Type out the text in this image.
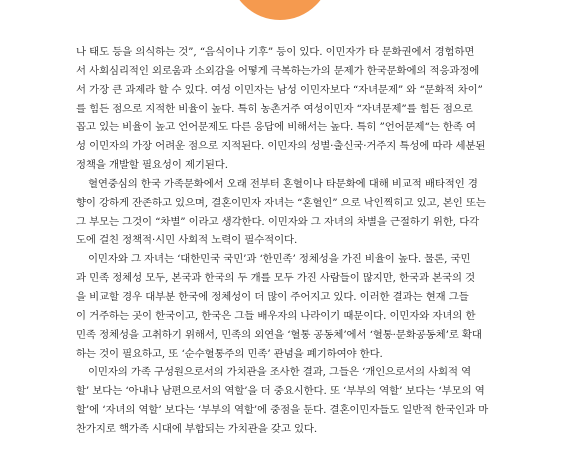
나 태도 등을 의식하는 것”, “음식이나 기후” 등이 있다. 이민자가 타 문화권에서 경험하면
서 사회심리적인 외로움과 소외감을 어떻게 극복하는가의 문제가 한국문화에의 적응과정에
서 가장 큰 과제라 할 수 있다. 여성 이민자는 남성 이민자보다 “자녀문제” 와 “문화적 차이”
를 힘든 점으로 지적한 비율이 높다. 특히 농촌거주 여성이민자 “자녀문제”를 힘든 점으로
꼽고 있는 비율이 높고 언어문제도 다른 응답에 비해서는 높다. 특히 ”언어문제“는 한족 여
성 이민자의 가장 어려운 점으로 지적된다. 이민자의 성별·출신국·거주지 특성에 따라 세분된
정책을 개발할 필요성이 제기된다.

혈연중심의 한국 가족문화에서 오래 전부터 혼혈이나 타문화에 대해 비교적 배타적인 경
향이 강하게 잔존하고 있으며, 결혼이민자 자녀는 “혼혈인” 으로 낙인찍히고 있고, 본인 또는
그 부모는 그것이 “차별” 이라고 생각한다. 이민자와 그 자녀의 차별을 근절하기 위한, 다각
도에 걸친 정책적·시민 사회적 노력이 필수적이다.

이민자와 그 자녀는 ‘대한민국 국민’과 ‘한민족’ 정체성을 가진 비율이 높다. 물론, 국민
과 민족 정체성 모두, 본국과 한국의 두 개를 모두 가진 사람들이 많지만, 한국과 본국의 것
을 비교할 경우 대부분 한국에 정체성이 더 많이 주어지고 있다. 이러한 결과는 현재 그들
이 거주하는 곳이 한국이고, 한국은 그들 배우자의 나라이기 때문이다. 이민자와 자녀의 한
민족 정체성을 고취하기 위해서, 민족의 외연을 ‘혈통 공동체’에서 ‘혈통·문화공동체’로 확대
하는 것이 필요하고, 또 ‘순수혈통주의 민족’ 관념을 폐기하여야 한다.

이민자의 가족 구성원으로서의 가치관을 조사한 결과, 그들은 ‘개인으로서의 사회적 역
할’ 보다는 ‘아내나 남편으로서의 역할’을 더 중요시한다. 또 ‘부부의 역할’ 보다는 ‘부모의 역
할’에 ‘자녀의 역할’ 보다는 ‘부부의 역할’에 중점을 둔다. 결혼이민자들도 일반적 한국인과 마
찬가지로 핵가족 시대에 부합되는 가치관을 갖고 있다.
